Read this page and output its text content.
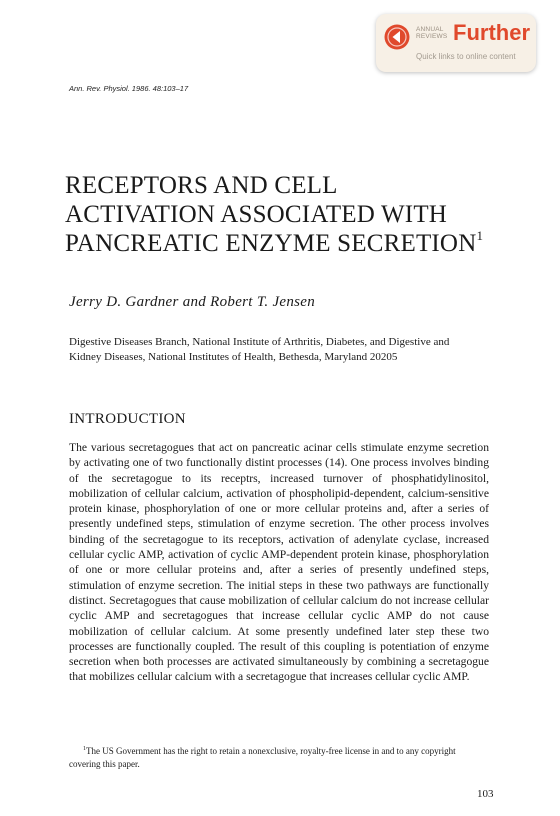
ANNUAL
REVIEWS Further
Quick links to online content
Ann. Rev. Physiol. 1986. 48:103–17
RECEPTORS AND CELL
ACTIVATION ASSOCIATED WITH
PANCREATIC ENZYME SECRETION$^1$
Jerry D. Gardner and Robert T. Jensen

Digestive Diseases Branch, National Institute of Arthritis, Diabetes, and Digestive and
Kidney Diseases, National Institutes of Health, Bethesda, Maryland 20205

INTRODUCTION

The various secretagogues that act on pancreatic acinar cells stimulate enzyme secretion by activating one of two functionally distint processes (14). One process involves binding of the secretagogue to its receptrs, increased turnover of phosphatidylinositol, mobilization of cellular calcium, activation of phospholipid-dependent, calcium-sensitive protein kinase, phosphorylation of one or more cellular proteins and, after a series of presently undefined steps, stimulation of enzyme secretion. The other process involves binding of the secretagogue to its receptors, activation of adenylate cyclase, increased cellular cyclic AMP, activation of cyclic AMP-dependent protein kinase, phosphorylation of one or more cellular proteins and, after a series of presently undefined steps, stimulation of enzyme secretion. The initial steps in these two pathways are functionally distinct. Secretagogues that cause mobilization of cellular calcium do not increase cellular cyclic AMP and secretagogues that increase cellular cyclic AMP do not cause mobilization of cellular calcium. At some presently undefined later step these two processes are functionally coupled. The result of this coupling is potentiation of enzyme secretion when both processes are activated simultaneously by combining a secretagogue that mobilizes cellular calcium with a secretagogue that increases cellular cyclic AMP.

$^1$The US Government has the right to retain a nonexclusive, royalty-free license in and to any copyright covering this paper.

103
